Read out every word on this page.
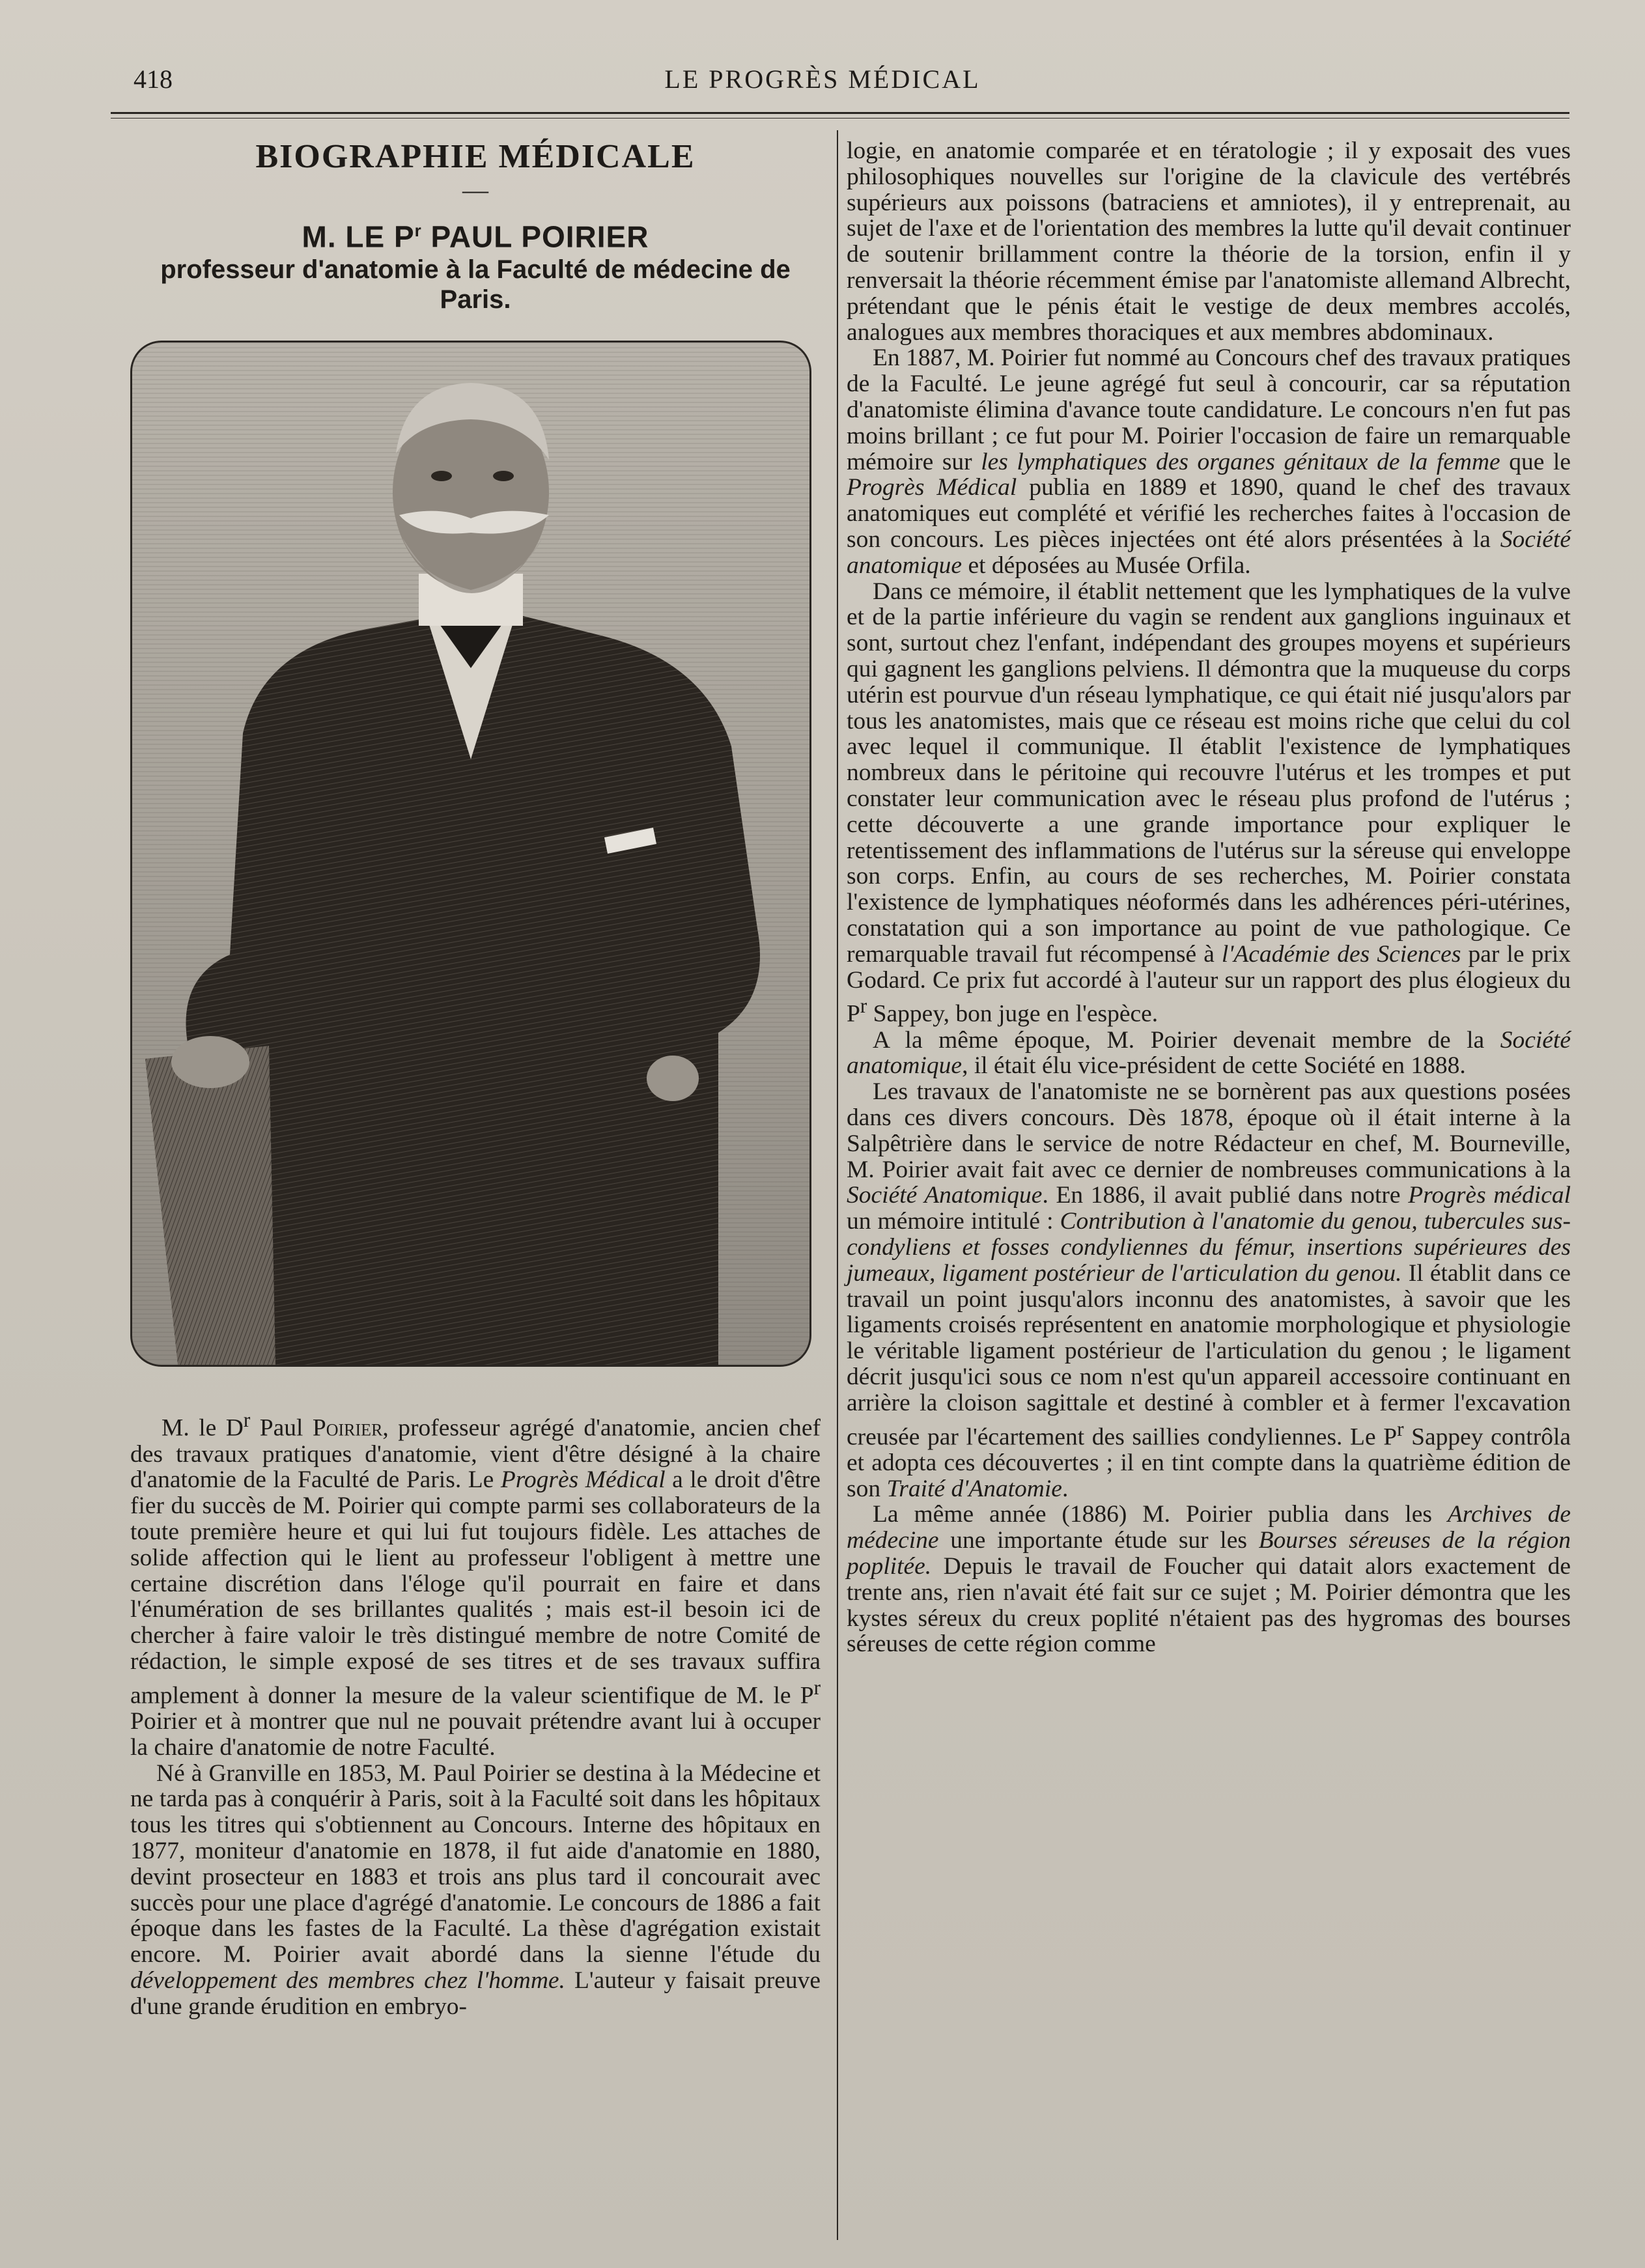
418	LE PROGRÈS MÉDICAL
BIOGRAPHIE MÉDICALE
—
M. LE $P^r$ PAUL POIRIER
professeur d'anatomie à la Faculté de médecine de Paris.

M. le $D^r$ Paul Poirier, professeur agrégé d'anatomie, ancien chef des travaux pratiques d'anatomie, vient d'être désigné à la chaire d'anatomie de la Faculté de Paris. Le Progrès Médical a le droit d'être fier du succès de M. Poirier qui compte parmi ses collaborateurs de la toute première heure et qui lui fut toujours fidèle. Les attaches de solide affection qui le lient au professeur l'obligent à mettre une certaine discrétion dans l'éloge qu'il pourrait en faire et dans l'énumération de ses brillantes qualités ; mais est-il besoin ici de chercher à faire valoir le très distingué membre de notre Comité de rédaction, le simple exposé de ses titres et de ses travaux suffira amplement à donner la mesure de la valeur scientifique de M. le $P^r$ Poirier et à montrer que nul ne pouvait prétendre avant lui à occuper la chaire d'anatomie de notre Faculté.

Né à Granville en 1853, M. Paul Poirier se destina à la Médecine et ne tarda pas à conquérir à Paris, soit à la Faculté soit dans les hôpitaux tous les titres qui s'obtiennent au Concours. Interne des hôpitaux en 1877, moniteur d'anatomie en 1878, il fut aide d'anatomie en 1880, devint prosecteur en 1883 et trois ans plus tard il concourait avec succès pour une place d'agrégé d'anatomie. Le concours de 1886 a fait époque dans les fastes de la Faculté. La thèse d'agrégation existait encore. M. Poirier avait abordé dans la sienne l'étude du développement des membres chez l'homme. L'auteur y faisait preuve d'une grande érudition en embryo-

logie, en anatomie comparée et en tératologie ; il y exposait des vues philosophiques nouvelles sur l'origine de la clavicule des vertébrés supérieurs aux poissons (batraciens et amniotes), il y entreprenait, au sujet de l'axe et de l'orientation des membres la lutte qu'il devait continuer de soutenir brillamment contre la théorie de la torsion, enfin il y renversait la théorie récemment émise par l'anatomiste allemand Albrecht, prétendant que le pénis était le vestige de deux membres accolés, analogues aux membres thoraciques et aux membres abdominaux.

En 1887, M. Poirier fut nommé au Concours chef des travaux pratiques de la Faculté. Le jeune agrégé fut seul à concourir, car sa réputation d'anatomiste élimina d'avance toute candidature. Le concours n'en fut pas moins brillant ; ce fut pour M. Poirier l'occasion de faire un remarquable mémoire sur les lymphatiques des organes génitaux de la femme que le Progrès Médical publia en 1889 et 1890, quand le chef des travaux anatomiques eut complété et vérifié les recherches faites à l'occasion de son concours. Les pièces injectées ont été alors présentées à la Société anatomique et déposées au Musée Orfila.

Dans ce mémoire, il établit nettement que les lymphatiques de la vulve et de la partie inférieure du vagin se rendent aux ganglions inguinaux et sont, surtout chez l'enfant, indépendant des groupes moyens et supérieurs qui gagnent les ganglions pelviens. Il démontra que la muqueuse du corps utérin est pourvue d'un réseau lymphatique, ce qui était nié jusqu'alors par tous les anatomistes, mais que ce réseau est moins riche que celui du col avec lequel il communique. Il établit l'existence de lymphatiques nombreux dans le péritoine qui recouvre l'utérus et les trompes et put constater leur communication avec le réseau plus profond de l'utérus ; cette découverte a une grande importance pour expliquer le retentissement des inflammations de l'utérus sur la séreuse qui enveloppe son corps. Enfin, au cours de ses recherches, M. Poirier constata l'existence de lymphatiques néoformés dans les adhérences péri-utérines, constatation qui a son importance au point de vue pathologique. Ce remarquable travail fut récompensé à l'Académie des Sciences par le prix Godard. Ce prix fut accordé à l'auteur sur un rapport des plus élogieux du $P^r$ Sappey, bon juge en l'espèce.

A la même époque, M. Poirier devenait membre de la Société anatomique, il était élu vice-président de cette Société en 1888.

Les travaux de l'anatomiste ne se bornèrent pas aux questions posées dans ces divers concours. Dès 1878, époque où il était interne à la Salpêtrière dans le service de notre Rédacteur en chef, M. Bourneville, M. Poirier avait fait avec ce dernier de nombreuses communications à la Société Anatomique. En 1886, il avait publié dans notre Progrès médical un mémoire intitulé : Contribution à l'anatomie du genou, tubercules sus-condyliens et fosses condyliennes du fémur, insertions supérieures des jumeaux, ligament postérieur de l'articulation du genou. Il établit dans ce travail un point jusqu'alors inconnu des anatomistes, à savoir que les ligaments croisés représentent en anatomie morphologique et physiologie le véritable ligament postérieur de l'articulation du genou ; le ligament décrit jusqu'ici sous ce nom n'est qu'un appareil accessoire continuant en arrière la cloison sagittale et destiné à combler et à fermer l'excavation creusée par l'écartement des saillies condyliennes. Le $P^r$ Sappey contrôla et adopta ces découvertes ; il en tint compte dans la quatrième édition de son Traité d'Anatomie.

La même année (1886) M. Poirier publia dans les Archives de médecine une importante étude sur les Bourses séreuses de la région poplitée. Depuis le travail de Foucher qui datait alors exactement de trente ans, rien n'avait été fait sur ce sujet ; M. Poirier démontra que les kystes séreux du creux poplité n'étaient pas des hygromas des bourses séreuses de cette région comme
